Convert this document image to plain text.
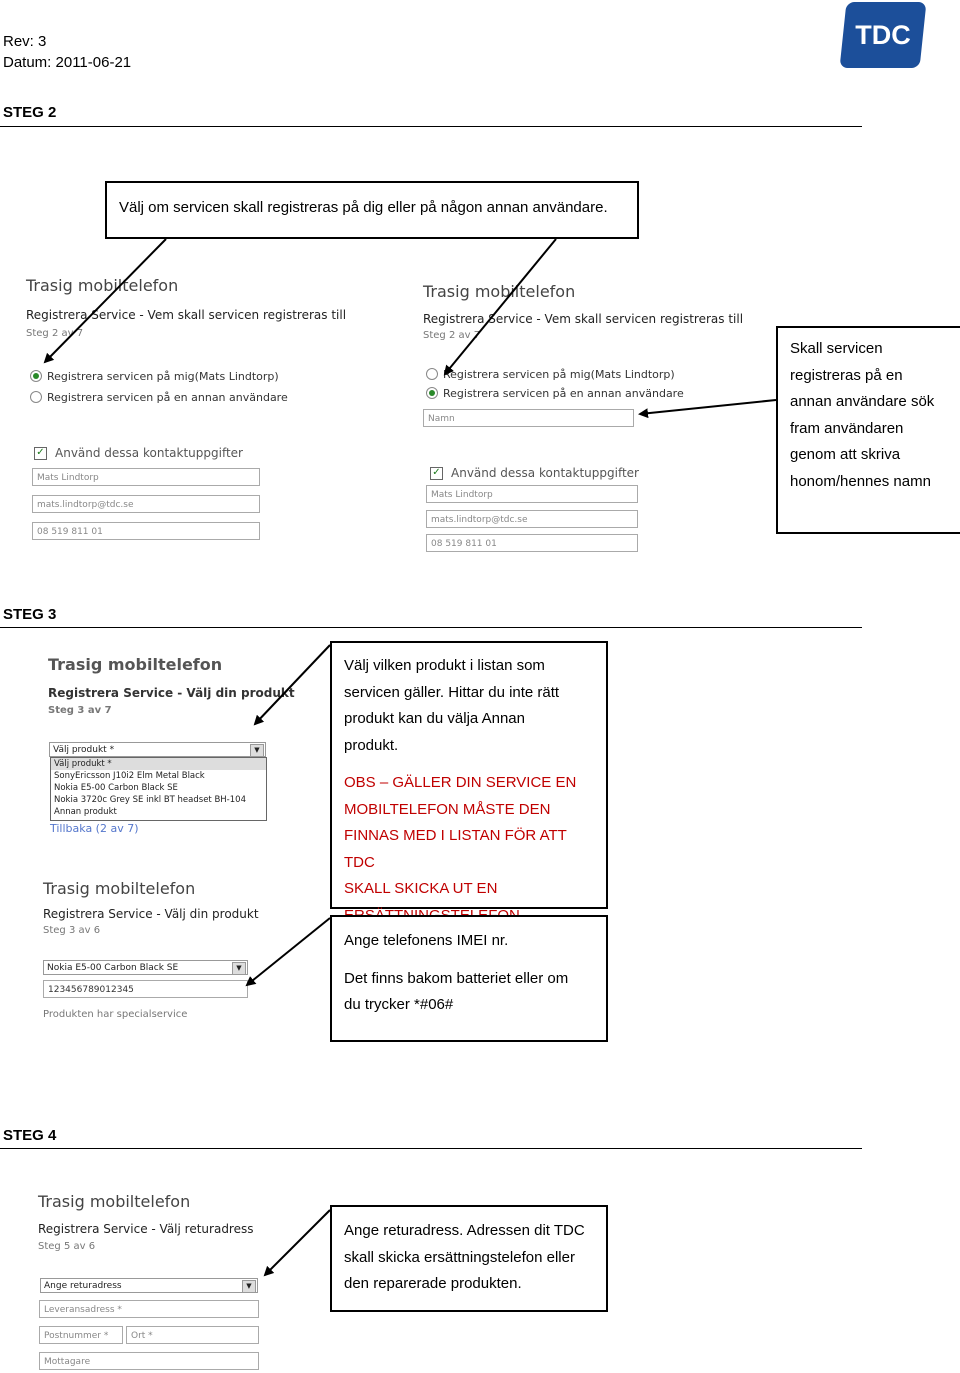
Rev: 3
Datum: 2011-06-21
TDC
STEG 2
Välj om servicen skall registreras på dig eller på någon annan användare.
Skall servicen
registreras på en
annan användare sök
fram användaren
genom att skriva
honom/hennes namn
Trasig mobiltelefon
Registrera Service - Vem skall servicen registreras till
Steg 2 av 7
Registrera servicen på mig(Mats Lindtorp)
Registrera servicen på en annan användare
✓ Använd dessa kontaktuppgifter
Mats Lindtorp
mats.lindtorp@tdc.se
08 519 811 01
Trasig mobiltelefon
Registrera Service - Vem skall servicen registreras till
Steg 2 av 7
Registrera servicen på mig(Mats Lindtorp)
Registrera servicen på en annan användare
Namn
✓ Använd dessa kontaktuppgifter
Mats Lindtorp
mats.lindtorp@tdc.se
08 519 811 01
STEG 3
Välj vilken produkt i listan som
servicen gäller. Hittar du inte rätt
produkt kan du välja Annan
produkt.
OBS – GÄLLER DIN SERVICE EN
MOBILTELEFON MÅSTE DEN
FINNAS MED I LISTAN FÖR ATT TDC
SKALL SKICKA UT EN
Ange telefonens IMEI nr.
Det finns bakom batteriet eller om
du trycker *#06#
Trasig mobiltelefon
Registrera Service - Välj din produkt
Steg 3 av 7
Välj produkt *	▼
Välj produkt *
SonyEricsson J10i2 Elm Metal Black
Nokia E5-00 Carbon Black SE
Nokia 3720c Grey SE inkl BT headset BH-104
Annan produkt
Tillbaka (2 av 7)
Trasig mobiltelefon
Registrera Service - Välj din produkt
Steg 3 av 6
Nokia E5-00 Carbon Black SE	▼
123456789012345
Produkten har specialservice
STEG 4
Ange returadress. Adressen dit TDC
skall skicka ersättningstelefon eller
den reparerade produkten.
Trasig mobiltelefon
Registrera Service - Välj returadress
Steg 5 av 6
Ange returadress	▼
Leveransadress *
Postnummer *	Ort *
Mottagare
